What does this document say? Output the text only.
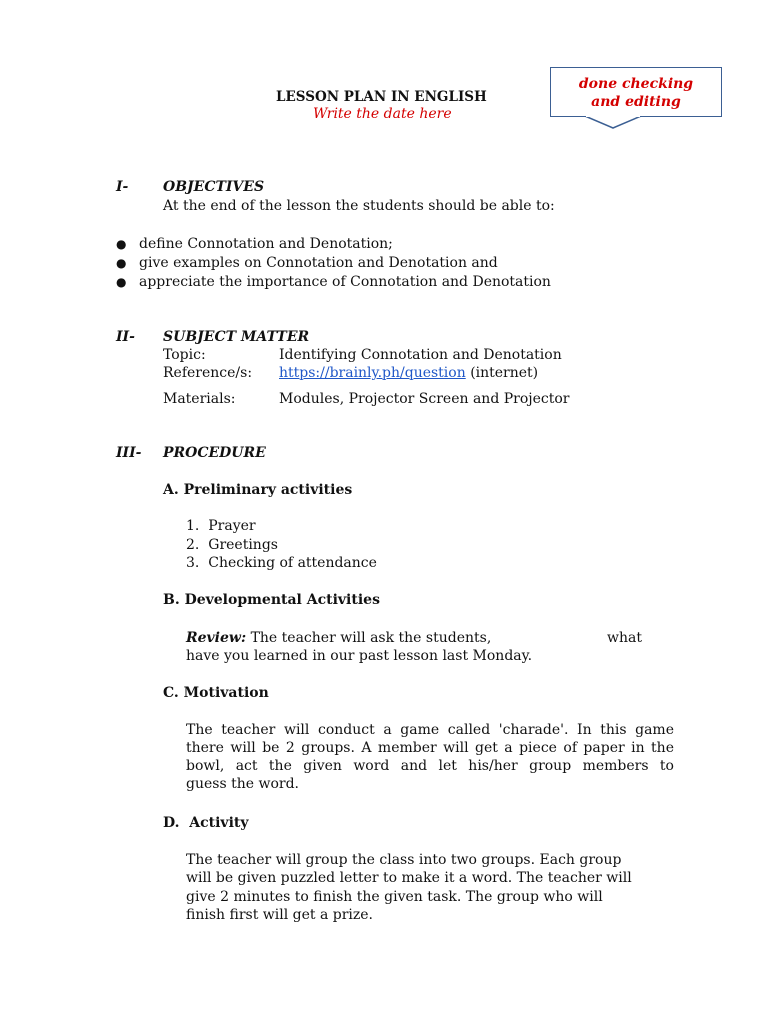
LESSON PLAN IN ENGLISH
Write the date here
done checking
and editing
I- OBJECTIVES
At the end of the lesson the students should be able to:
● define Connotation and Denotation;
● give examples on Connotation and Denotation and
● appreciate the importance of Connotation and Denotation
II- SUBJECT MATTER
Topic:	Identifying Connotation and Denotation
Reference/s: https://brainly.ph/question (internet)
Materials:	Modules, Projector Screen and Projector
III- PROCEDURE
A. Preliminary activities
1.  Prayer
2.  Greetings
3.  Checking of attendance
B. Developmental Activities
Review: The teacher will ask the students,	what
have you learned in our past lesson last Monday.
C. Motivation
The teacher will conduct a game called 'charade'. In this game
there will be 2 groups. A member will get a piece of paper in the
bowl, act the given word and let his/her group members to
guess the word.
D.  Activity
The teacher will group the class into two groups. Each group
will be given puzzled letter to make it a word. The teacher will
give 2 minutes to finish the given task. The group who will
finish first will get a prize.
